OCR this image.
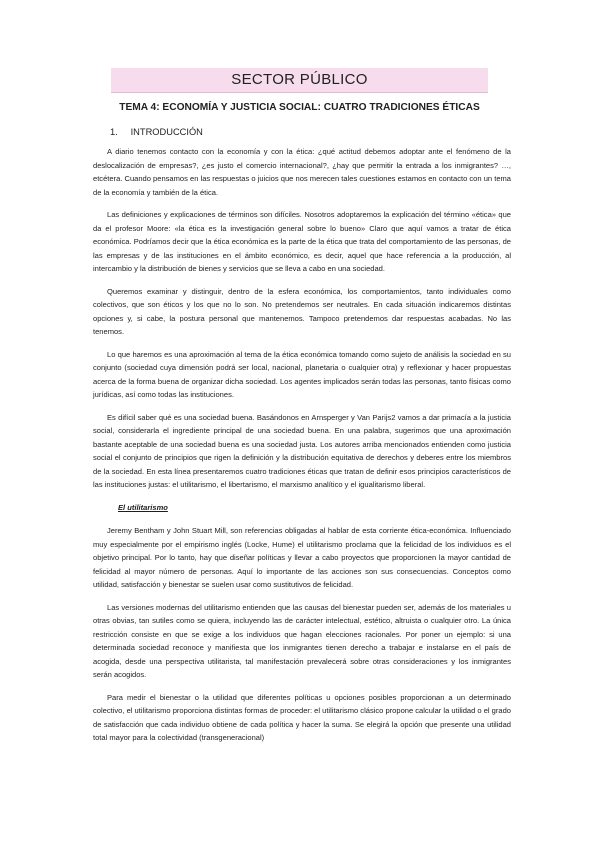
SECTOR PÚBLICO
TEMA 4: ECONOMÍA Y JUSTICIA SOCIAL: CUATRO TRADICIONES ÉTICAS
1. INTRODUCCIÓN

A diario tenemos contacto con la economía y con la ética: ¿qué actitud debemos adoptar ante el fenómeno de la deslocalización de empresas?, ¿es justo el comercio internacional?, ¿hay que permitir la entrada a los inmigrantes? …, etcétera. Cuando pensamos en las respuestas o juicios que nos merecen tales cuestiones estamos en contacto con un tema de la economía y también de la ética.

Las definiciones y explicaciones de términos son difíciles. Nosotros adoptaremos la explicación del término «ética» que da el profesor Moore: «la ética es la investigación general sobre lo bueno» Claro que aquí vamos a tratar de ética económica. Podríamos decir que la ética económica es la parte de la ética que trata del comportamiento de las personas, de las empresas y de las instituciones en el ámbito económico, es decir, aquel que hace referencia a la producción, al intercambio y la distribución de bienes y servicios que se lleva a cabo en una sociedad.

Queremos examinar y distinguir, dentro de la esfera económica, los comportamientos, tanto individuales como colectivos, que son éticos y los que no lo son. No pretendemos ser neutrales. En cada situación indicaremos distintas opciones y, si cabe, la postura personal que mantenemos. Tampoco pretendemos dar respuestas acabadas. No las tenemos.

Lo que haremos es una aproximación al tema de la ética económica tomando como sujeto de análisis la sociedad en su conjunto (sociedad cuya dimensión podrá ser local, nacional, planetaria o cualquier otra) y reflexionar y hacer propuestas acerca de la forma buena de organizar dicha sociedad. Los agentes implicados serán todas las personas, tanto físicas como jurídicas, así como todas las instituciones.

Es difícil saber qué es una sociedad buena. Basándonos en Arnsperger y Van Parijs2 vamos a dar primacía a la justicia social, considerarla el ingrediente principal de una sociedad buena. En una palabra, sugerimos que una aproximación bastante aceptable de una sociedad buena es una sociedad justa. Los autores arriba mencionados entienden como justicia social el conjunto de principios que rigen la definición y la distribución equitativa de derechos y deberes entre los miembros de la sociedad. En esta línea presentaremos cuatro tradiciones éticas que tratan de definir esos principios característicos de las instituciones justas: el utilitarismo, el libertarismo, el marxismo analítico y el igualitarismo liberal.

El utilitarismo

Jeremy Bentham y John Stuart Mill, son referencias obligadas al hablar de esta corriente ética-económica. Influenciado muy especialmente por el empirismo inglés (Locke, Hume) el utilitarismo proclama que la felicidad de los individuos es el objetivo principal. Por lo tanto, hay que diseñar políticas y llevar a cabo proyectos que proporcionen la mayor cantidad de felicidad al mayor número de personas. Aquí lo importante de las acciones son sus consecuencias. Conceptos como utilidad, satisfacción y bienestar se suelen usar como sustitutivos de felicidad.

Las versiones modernas del utilitarismo entienden que las causas del bienestar pueden ser, además de los materiales u otras obvias, tan sutiles como se quiera, incluyendo las de carácter intelectual, estético, altruista o cualquier otro. La única restricción consiste en que se exige a los individuos que hagan elecciones racionales. Por poner un ejemplo: si una determinada sociedad reconoce y manifiesta que los inmigrantes tienen derecho a trabajar e instalarse en el país de acogida, desde una perspectiva utilitarista, tal manifestación prevalecerá sobre otras consideraciones y los inmigrantes serán acogidos.

Para medir el bienestar o la utilidad que diferentes políticas u opciones posibles proporcionan a un determinado colectivo, el utilitarismo proporciona distintas formas de proceder: el utilitarismo clásico propone calcular la utilidad o el grado de satisfacción que cada individuo obtiene de cada política y hacer la suma. Se elegirá la opción que presente una utilidad total mayor para la colectividad (transgeneracional)
